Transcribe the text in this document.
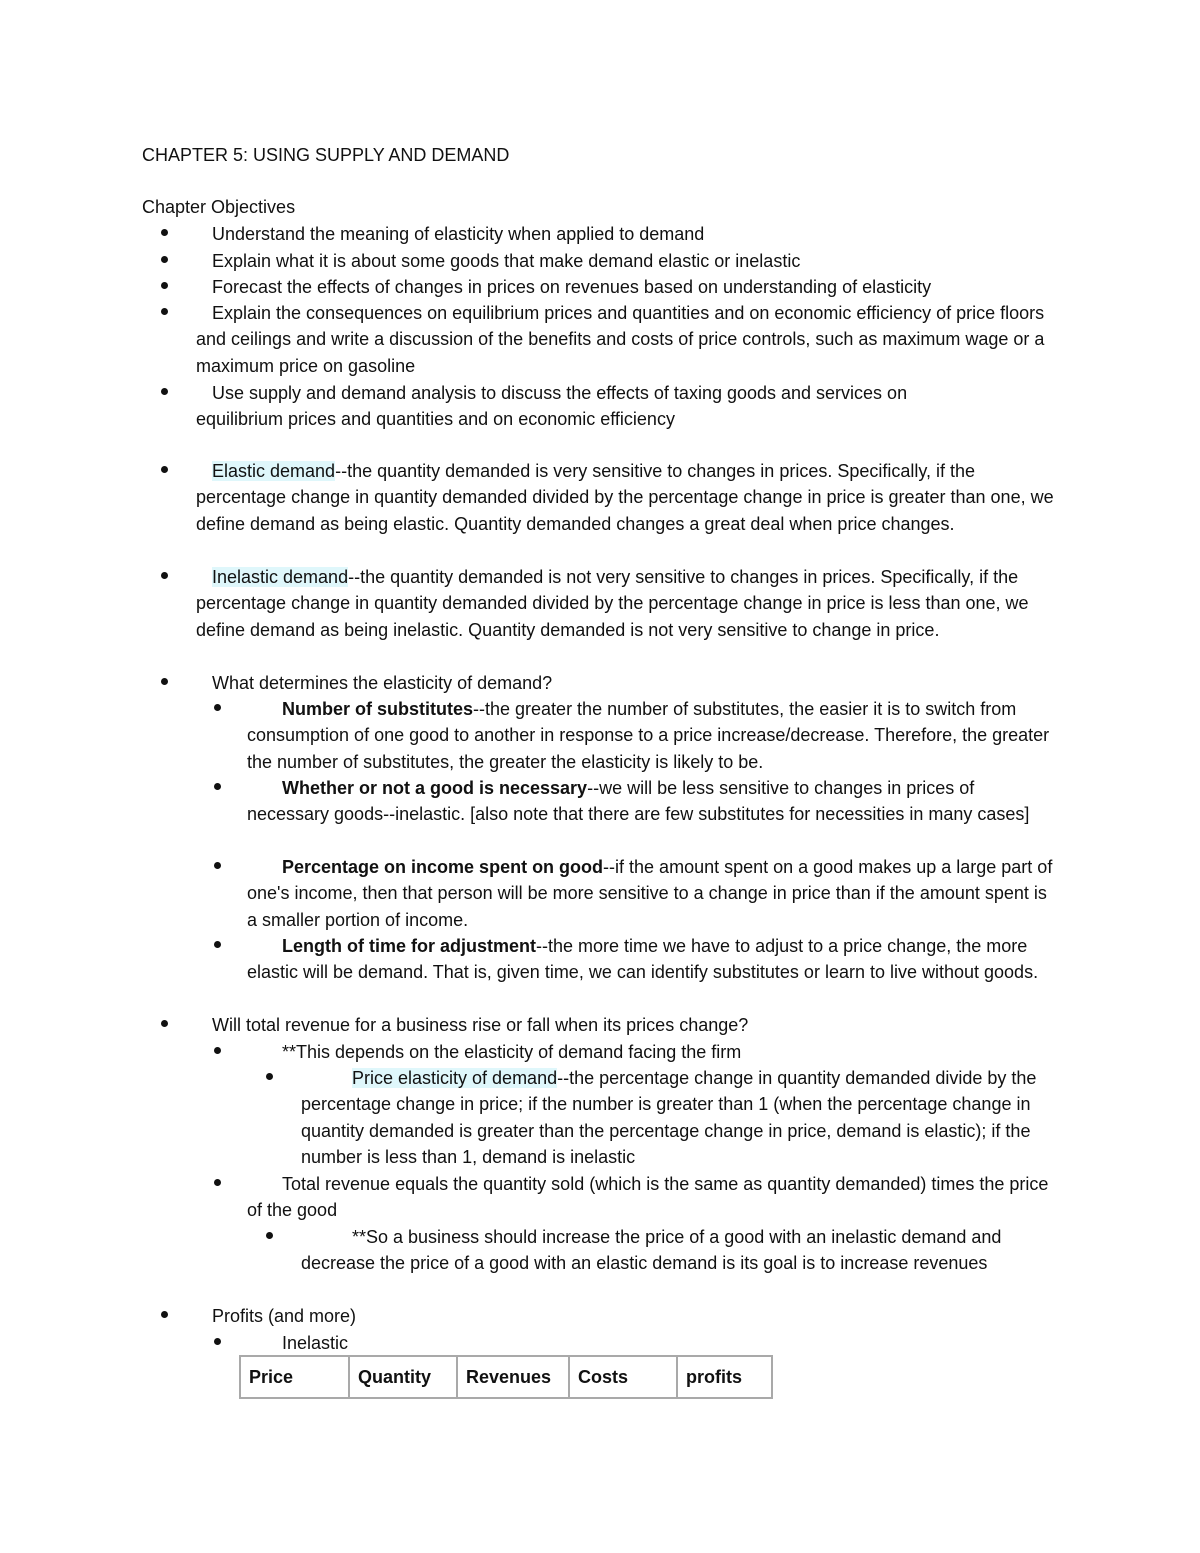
CHAPTER 5: USING SUPPLY AND DEMAND
Chapter Objectives
Understand the meaning of elasticity when applied to demand
Explain what it is about some goods that make demand elastic or inelastic
Forecast the effects of changes in prices on revenues based on understanding of elasticity
Explain the consequences on equilibrium prices and quantities and on economic efficiency of price floors and ceilings and write a discussion of the benefits and costs of price controls, such as maximum wage or a maximum price on gasoline
Use supply and demand analysis to discuss the effects of taxing goods and services on equilibrium prices and quantities and on economic efficiency
Elastic demand--the quantity demanded is very sensitive to changes in prices. Specifically, if the percentage change in quantity demanded divided by the percentage change in price is greater than one, we define demand as being elastic. Quantity demanded changes a great deal when price changes.
Inelastic demand--the quantity demanded is not very sensitive to changes in prices. Specifically, if the percentage change in quantity demanded divided by the percentage change in price is less than one, we define demand as being inelastic. Quantity demanded is not very sensitive to change in price.
What determines the elasticity of demand?
Number of substitutes--the greater the number of substitutes, the easier it is to switch from consumption of one good to another in response to a price increase/decrease. Therefore, the greater the number of substitutes, the greater the elasticity is likely to be.
Whether or not a good is necessary--we will be less sensitive to changes in prices of necessary goods--inelastic. [also note that there are few substitutes for necessities in many cases]
Percentage on income spent on good--if the amount spent on a good makes up a large part of one's income, then that person will be more sensitive to a change in price than if the amount spent is a smaller portion of income.
Length of time for adjustment--the more time we have to adjust to a price change, the more elastic will be demand. That is, given time, we can identify substitutes or learn to live without goods.
Will total revenue for a business rise or fall when its prices change?
**This depends on the elasticity of demand facing the firm
Price elasticity of demand--the percentage change in quantity demanded divide by the percentage change in price; if the number is greater than 1 (when the percentage change in quantity demanded is greater than the percentage change in price, demand is elastic); if the number is less than 1, demand is inelastic
Total revenue equals the quantity sold (which is the same as quantity demanded) times the price of the good
**So a business should increase the price of a good with an inelastic demand and decrease the price of a good with an elastic demand is its goal is to increase revenues
Profits (and more)
Inelastic
Price	Quantity	Revenues	Costs	profits
